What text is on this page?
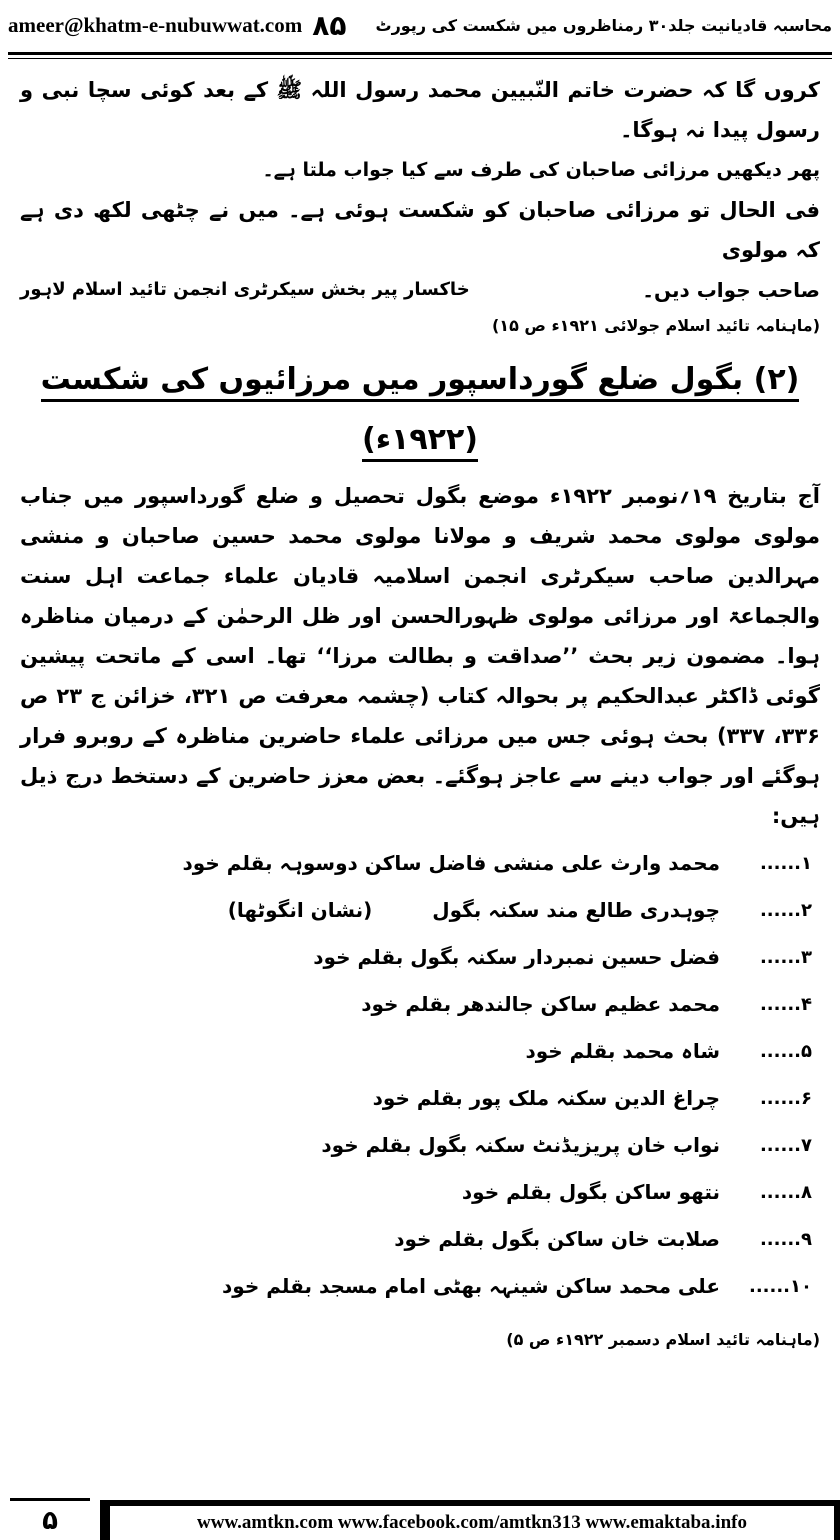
ameer@khatm-e-nubuwwat.com ۸۵ محاسبہ قادیانیت جلد۳۰ رمناظروں میں شکست کی رپورٹ

کروں گا کہ حضرت خاتم النّبیین محمد رسول اللہ ﷺ کے بعد کوئی سچا نبی و رسول پیدا نہ ہوگا۔

پھر دیکھیں مرزائی صاحبان کی طرف سے کیا جواب ملتا ہے۔

فی الحال تو مرزائی صاحبان کو شکست ہوئی ہے۔ میں نے چٹھی لکھ دی ہے کہ مولوی

صاحب جواب دیں۔
خاکسار پیر بخش سیکرٹری انجمن تائید اسلام لاہور
(ماہنامہ تائید اسلام جولائی ۱۹۲۱ء ص ۱۵)
(۲) بگول ضلع گورداسپور میں مرزائیوں کی شکست (۱۹۲۲ء)

آج بتاریخ ۱۹؍نومبر ۱۹۲۲ء موضع بگول تحصیل و ضلع گورداسپور میں جناب مولوی مولوی محمد شریف و مولانا مولوی محمد حسین صاحبان و منشی مہرالدین صاحب سیکرٹری انجمن اسلامیہ قادیان علماء جماعت اہل سنت والجماعۃ اور مرزائی مولوی ظہورالحسن اور ظل الرحمٰن کے درمیان مناظرہ ہوا۔ مضمون زیر بحث ’’صداقت و بطالت مرزا‘‘ تھا۔ اسی کے ماتحت پیشین گوئی ڈاکٹر عبدالحکیم پر بحوالہ کتاب (چشمہ معرفت ص ۳۲۱، خزائن ج ۲۳ ص ۳۳۶، ۳۳۷) بحث ہوئی جس میں مرزائی علماء حاضرین مناظرہ کے روبرو فرار ہوگئے اور جواب دینے سے عاجز ہوگئے۔ بعض معزز حاضرین کے دستخط درج ذیل ہیں:

۱......
محمد وارث علی منشی فاضل ساکن دوسوہہ بقلم خود
۲......
چوہدری طالع مند سکنہ بگول
(نشان انگوٹھا)
۳......
فضل حسین نمبردار سکنہ بگول بقلم خود
۴......
محمد عظیم ساکن جالندھر بقلم خود
۵......
شاہ محمد بقلم خود
۶......
چراغ الدین سکنہ ملک پور بقلم خود
۷......
نواب خان پریزیڈنٹ سکنہ بگول بقلم خود
۸......
نتھو ساکن بگول بقلم خود
۹......
صلابت خان ساکن بگول بقلم خود
۱۰......
علی محمد ساکن شینہہ بھٹی امام مسجد بقلم خود
(ماہنامہ تائید اسلام دسمبر ۱۹۲۲ء ص ۵)
۵	www.amtkn.com www.facebook.com/amtkn313 www.emaktaba.info
